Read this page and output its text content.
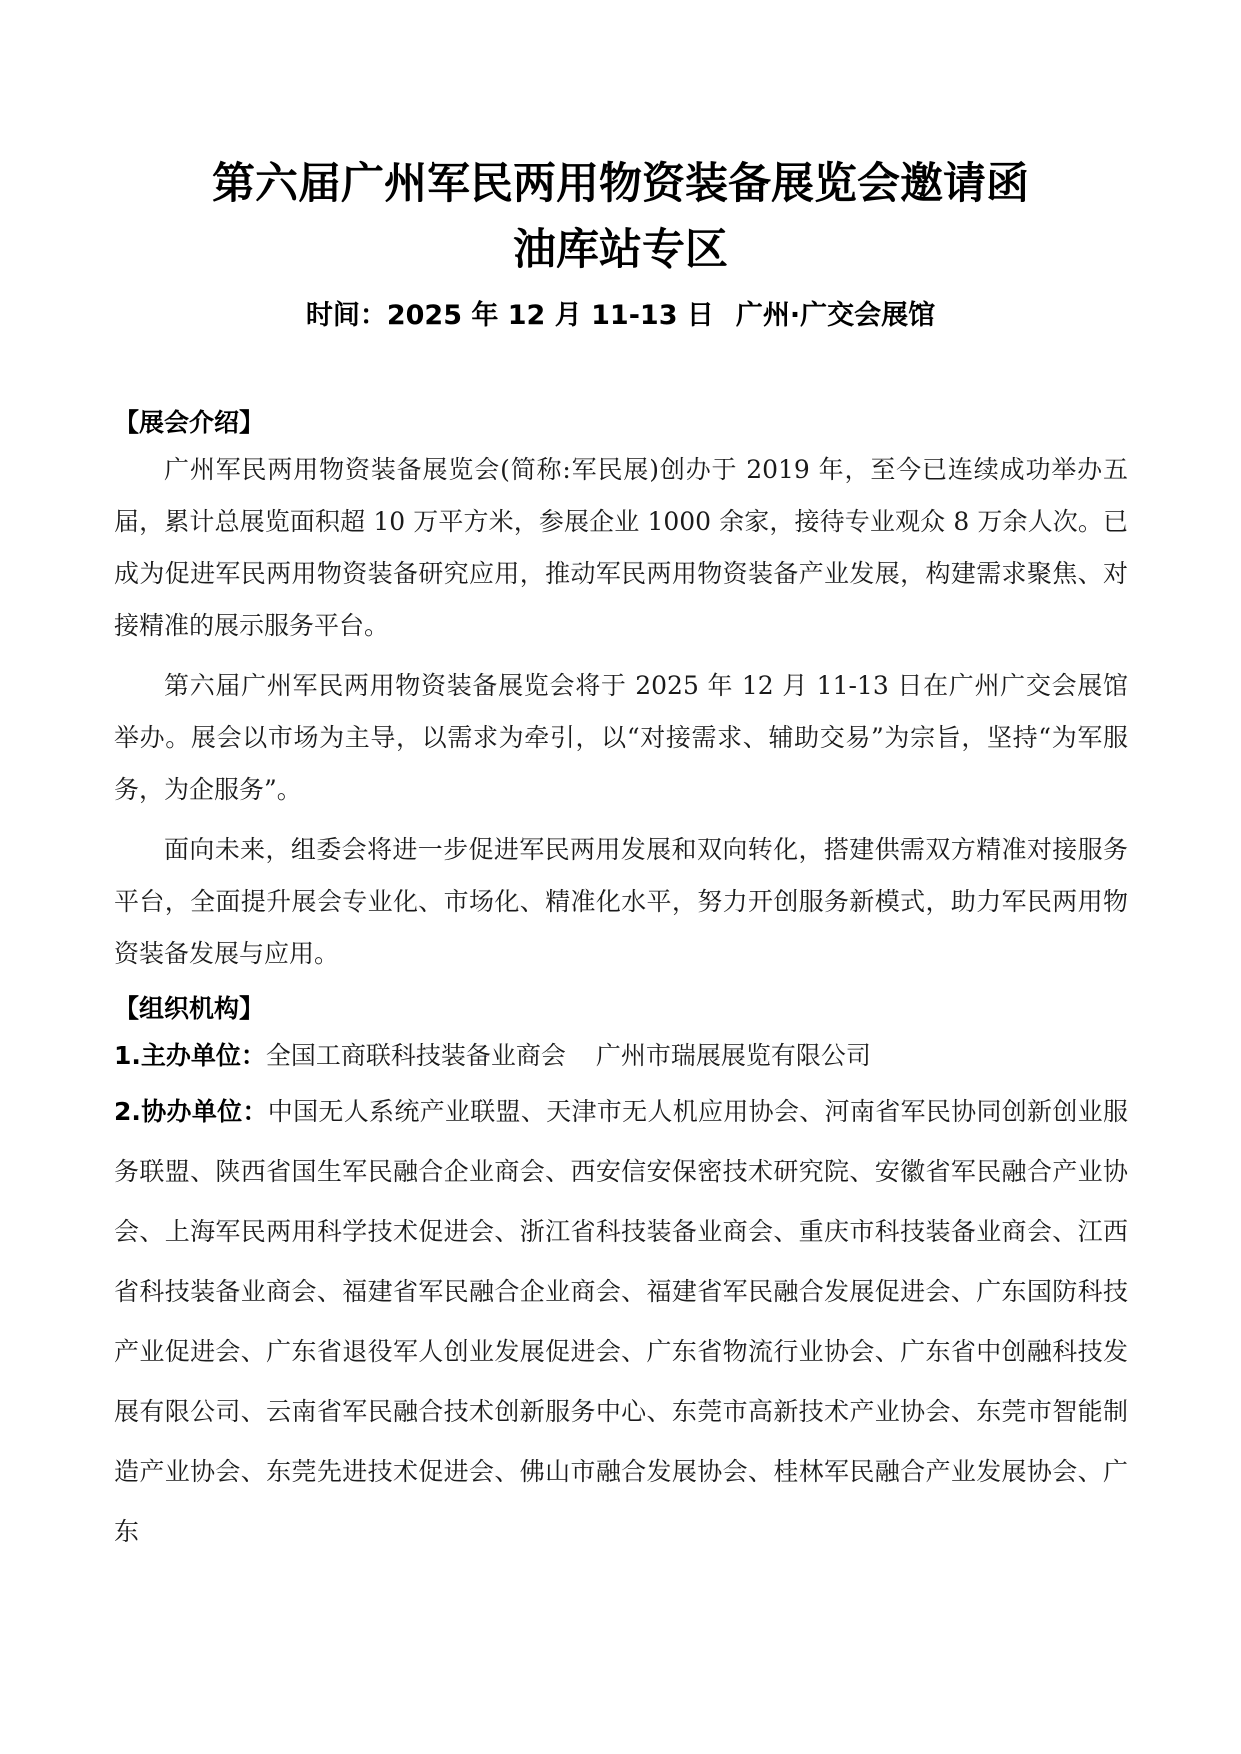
第六届广州军民两用物资装备展览会邀请函
油库站专区
时间：2025 年 12 月 11-13 日 广州·广交会展馆

【展会介绍】

广州军民两用物资装备展览会(简称:军民展)创办于 2019 年，至今已连续成功举办五届，累计总展览面积超 10 万平方米，参展企业 1000 余家，接待专业观众 8 万余人次。已成为促进军民两用物资装备研究应用，推动军民两用物资装备产业发展，构建需求聚焦、对接精准的展示服务平台。

第六届广州军民两用物资装备展览会将于 2025 年 12 月 11-13 日在广州广交会展馆举办。展会以市场为主导，以需求为牵引，以“对接需求、辅助交易”为宗旨，坚持“为军服务，为企服务”。

面向未来，组委会将进一步促进军民两用发展和双向转化，搭建供需双方精准对接服务平台，全面提升展会专业化、市场化、精准化水平，努力开创服务新模式，助力军民两用物资装备发展与应用。

【组织机构】

1.主办单位：全国工商联科技装备业商会 广州市瑞展展览有限公司

2.协办单位：中国无人系统产业联盟、天津市无人机应用协会、河南省军民协同创新创业服务联盟、陕西省国生军民融合企业商会、西安信安保密技术研究院、安徽省军民融合产业协会、上海军民两用科学技术促进会、浙江省科技装备业商会、重庆市科技装备业商会、江西省科技装备业商会、福建省军民融合企业商会、福建省军民融合发展促进会、广东国防科技产业促进会、广东省退役军人创业发展促进会、广东省物流行业协会、广东省中创融科技发展有限公司、云南省军民融合技术创新服务中心、东莞市高新技术产业协会、东莞市智能制造产业协会、东莞先进技术促进会、佛山市融合发展协会、桂林军民融合产业发展协会、广东
